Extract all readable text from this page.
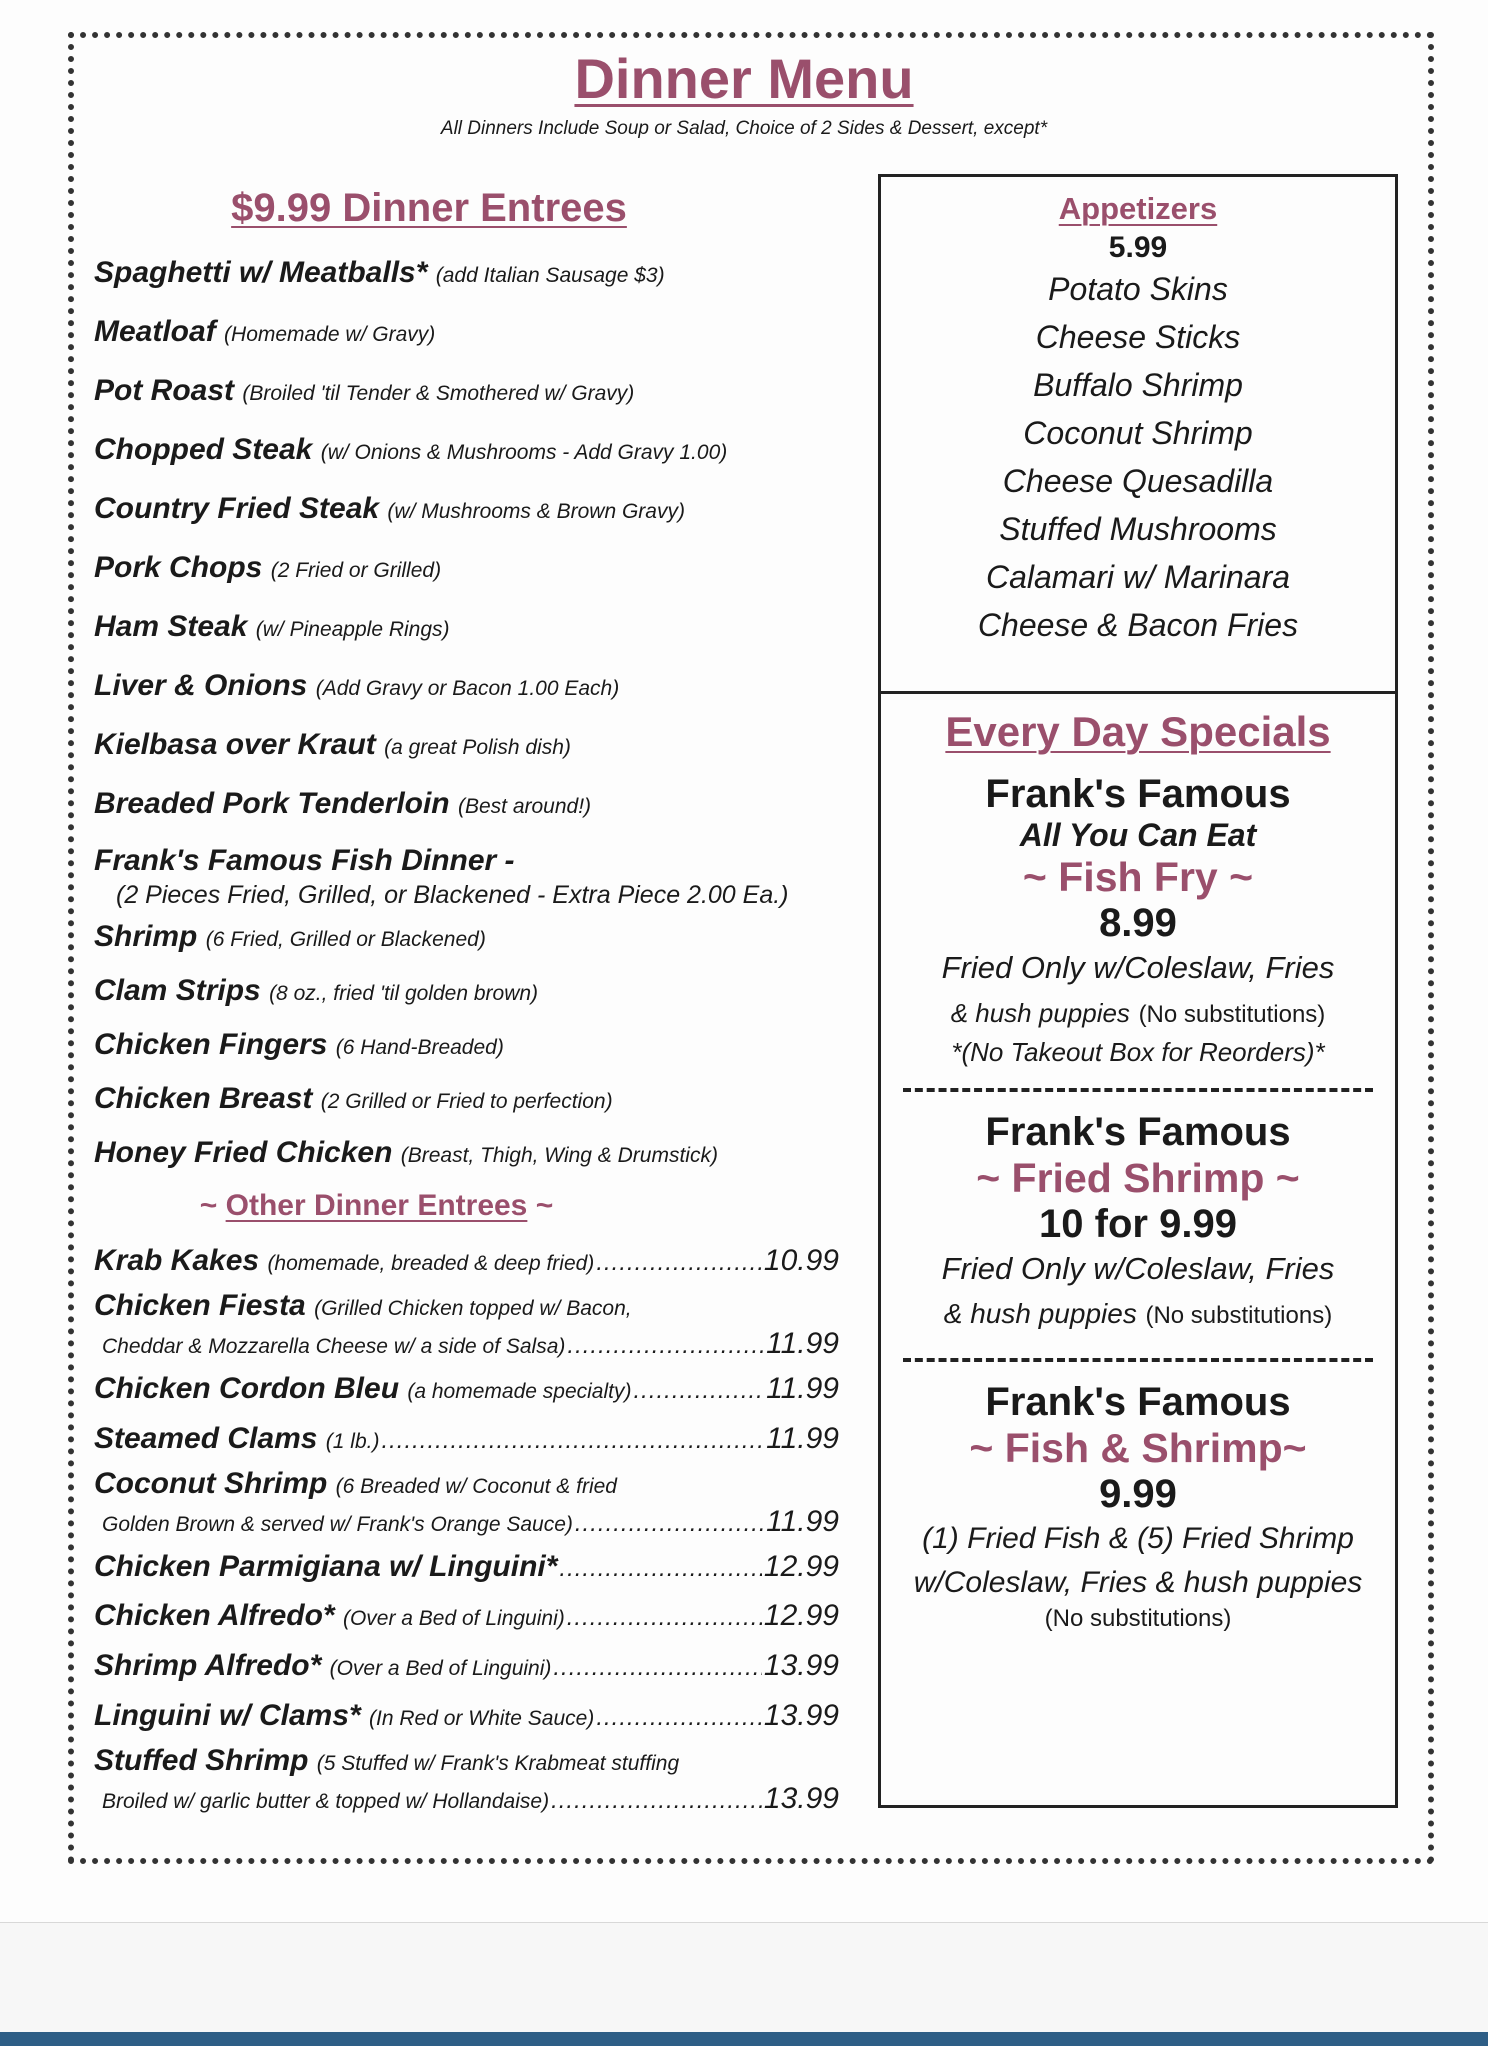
Dinner Menu
All Dinners Include Soup or Salad, Choice of 2 Sides & Dessert, except*
$9.99 Dinner Entrees
Spaghetti w/ Meatballs* (add Italian Sausage $3)
Meatloaf (Homemade w/ Gravy)
Pot Roast (Broiled 'til Tender & Smothered w/ Gravy)
Chopped Steak (w/ Onions & Mushrooms - Add Gravy 1.00)
Country Fried Steak (w/ Mushrooms & Brown Gravy)
Pork Chops (2 Fried or Grilled)
Ham Steak (w/ Pineapple Rings)
Liver & Onions (Add Gravy or Bacon 1.00 Each)
Kielbasa over Kraut (a great Polish dish)
Breaded Pork Tenderloin (Best around!)
Frank's Famous Fish Dinner -
(2 Pieces Fried, Grilled, or Blackened - Extra Piece 2.00 Ea.)
Shrimp (6 Fried, Grilled or Blackened)
Clam Strips (8 oz., fried 'til golden brown)
Chicken Fingers (6 Hand-Breaded)
Chicken Breast (2 Grilled or Fried to perfection)
Honey Fried Chicken (Breast, Thigh, Wing & Drumstick)
~ Other Dinner Entrees ~
Krab Kakes
(homemade, breaded & deep fried) .....	10.99
Chicken Fiesta (Grilled Chicken topped w/ Bacon,
Cheddar & Mozzarella Cheese w/ a side of Salsa) .....	11.99
Chicken Cordon Bleu
(a homemade specialty) .....	11.99
Steamed Clams
(1 lb.) .....	11.99
Coconut Shrimp (6 Breaded w/ Coconut & fried
Golden Brown & served w/ Frank's Orange Sauce) .....	11.99
Chicken Parmigiana w/ Linguini* .....	12.99
Chicken Alfredo*
(Over a Bed of Linguini) .....	12.99
Shrimp Alfredo*
(Over a Bed of Linguini) .....	13.99
Linguini w/ Clams*
(In Red or White Sauce) .....	13.99
Stuffed Shrimp (5 Stuffed w/ Frank's Krabmeat stuffing
Broiled w/ garlic butter & topped w/ Hollandaise) .....	13.99
Appetizers
5.99
Potato Skins
Cheese Sticks
Buffalo Shrimp
Coconut Shrimp
Cheese Quesadilla
Stuffed Mushrooms
Calamari w/ Marinara
Cheese & Bacon Fries
Every Day Specials
Frank's Famous
All You Can Eat
~ Fish Fry ~
8.99
Fried Only w/Coleslaw, Fries
& hush puppies (No substitutions)
*(No Takeout Box for Reorders)*
Frank's Famous
~ Fried Shrimp ~
10 for 9.99
Fried Only w/Coleslaw, Fries
& hush puppies (No substitutions)
Frank's Famous
~ Fish & Shrimp~
9.99
(1) Fried Fish & (5) Fried Shrimp
w/Coleslaw, Fries & hush puppies
(No substitutions)
